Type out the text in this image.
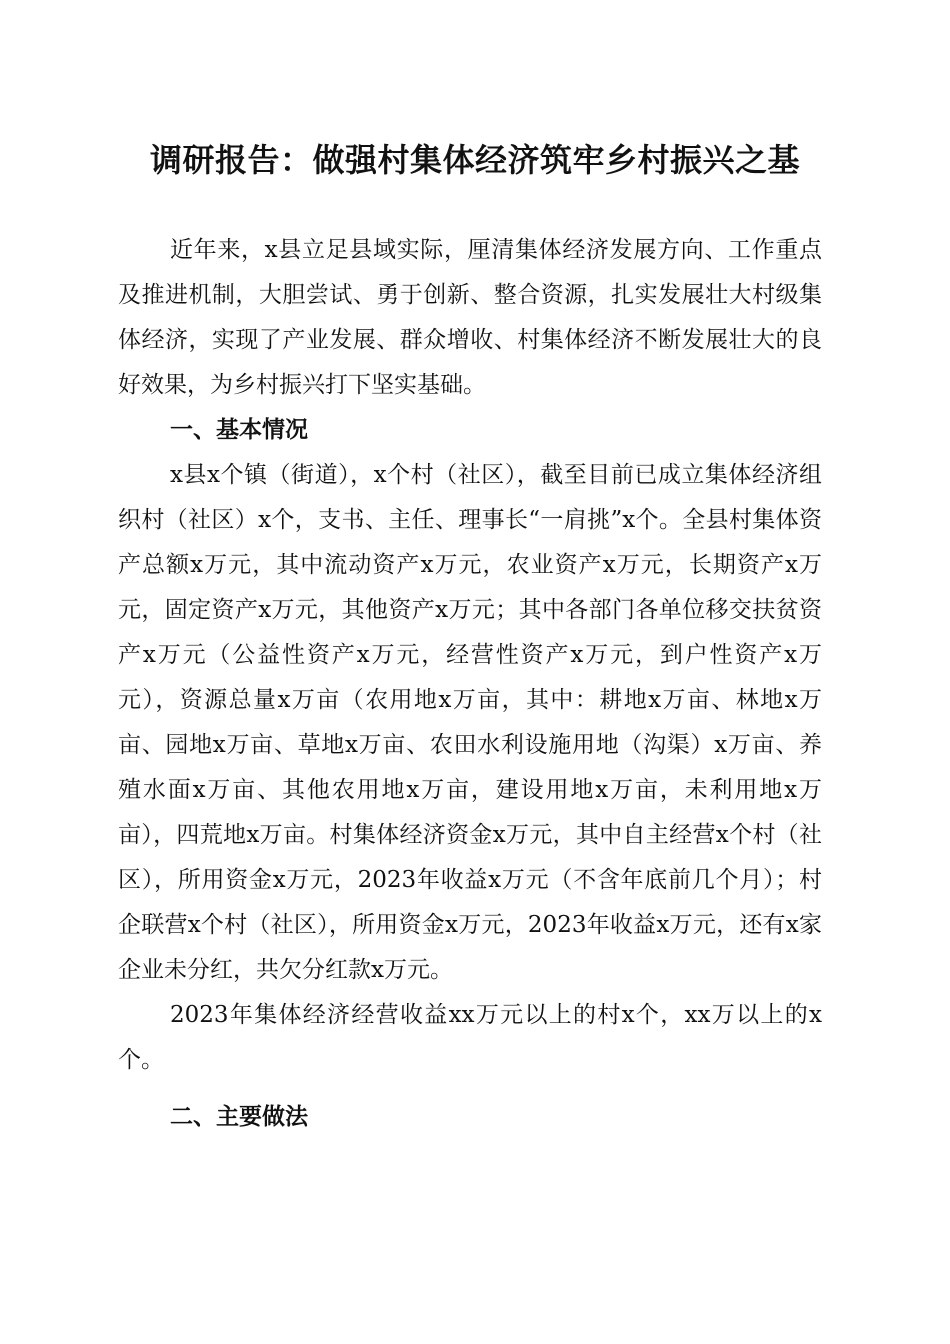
调研报告：做强村集体经济筑牢乡村振兴之基

近年来，x县立足县域实际，厘清集体经济发展方向、工作重点及推进机制，大胆尝试、勇于创新、整合资源，扎实发展壮大村级集体经济，实现了产业发展、群众增收、村集体经济不断发展壮大的良好效果，为乡村振兴打下坚实基础。

一、基本情况

x县x个镇（街道），x个村（社区），截至目前已成立集体经济组织村（社区）x个，支书、主任、理事长“一肩挑”x个。全县村集体资产总额x万元，其中流动资产x万元，农业资产x万元，长期资产x万元，固定资产x万元，其他资产x万元；其中各部门各单位移交扶贫资产x万元（公益性资产x万元，经营性资产x万元，到户性资产x万元），资源总量x万亩（农用地x万亩，其中：耕地x万亩、林地x万亩、园地x万亩、草地x万亩、农田水利设施用地（沟渠）x万亩、养殖水面x万亩、其他农用地x万亩，建设用地x万亩，未利用地x万亩），四荒地x万亩。村集体经济资金x万元，其中自主经营x个村（社区），所用资金x万元，2023年收益x万元（不含年底前几个月）；村企联营x个村（社区），所用资金x万元，2023年收益x万元，还有x家企业未分红，共欠分红款x万元。

2023年集体经济经营收益xx万元以上的村x个，xx万以上的x个。

二、主要做法
